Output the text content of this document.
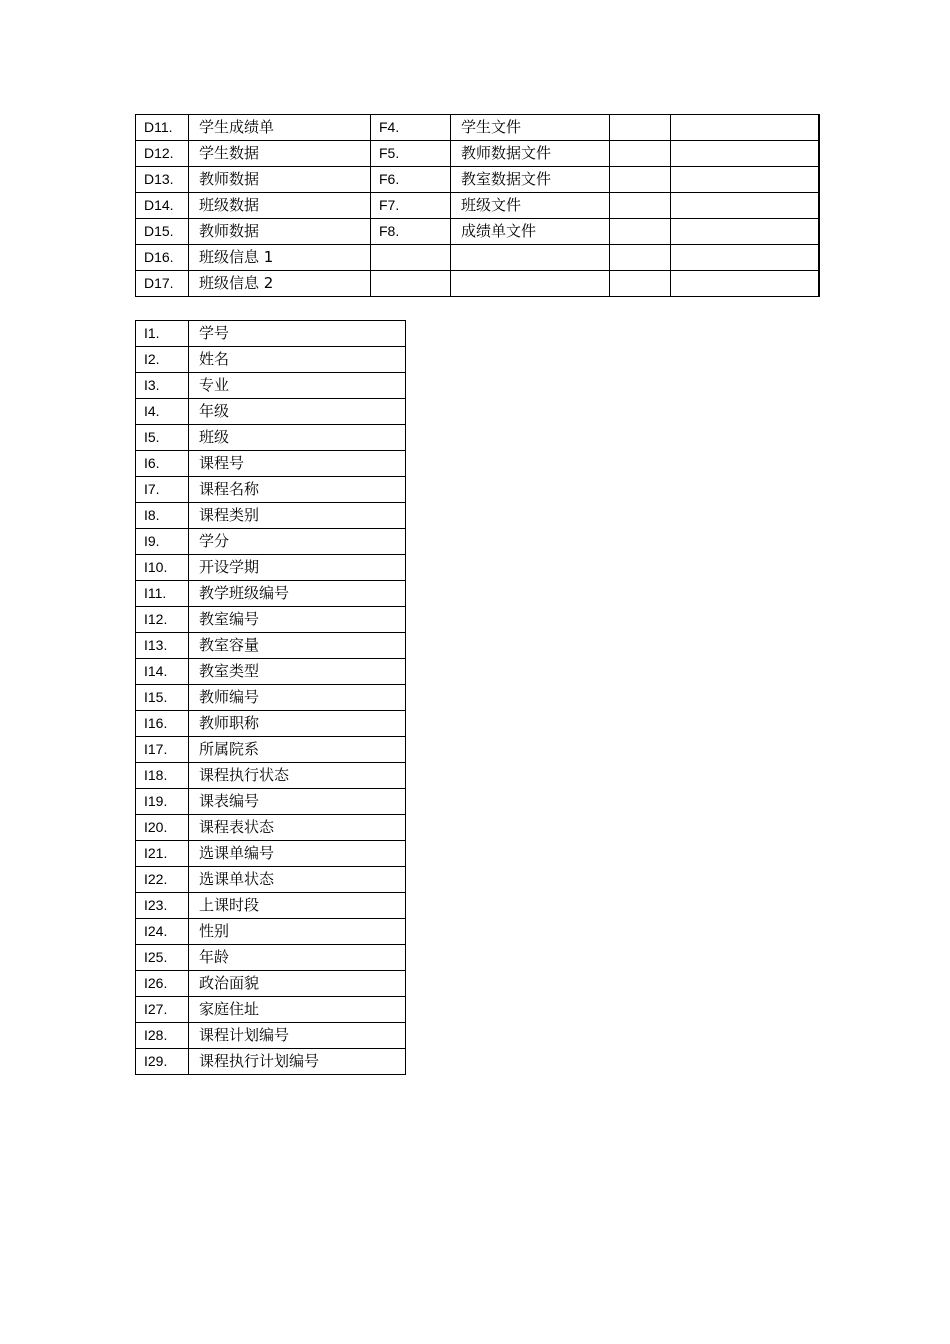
D11.	学生成绩单	F4.	学生文件		
D12.	学生数据	F5.	教师数据文件		
D13.	教师数据	F6.	教室数据文件		
D14.	班级数据	F7.	班级文件		
D15.	教师数据	F8.	成绩单文件		
D16.	班级信息 1				
D17.	班级信息 2				
I1.	学号
I2.	姓名
I3.	专业
I4.	年级
I5.	班级
I6.	课程号
I7.	课程名称
I8.	课程类别
I9.	学分
I10.	开设学期
I11.	教学班级编号
I12.	教室编号
I13.	教室容量
I14.	教室类型
I15.	教师编号
I16.	教师职称
I17.	所属院系
I18.	课程执行状态
I19.	课表编号
I20.	课程表状态
I21.	选课单编号
I22.	选课单状态
I23.	上课时段
I24.	性别
I25.	年龄
I26.	政治面貌
I27.	家庭住址
I28.	课程计划编号
I29.	课程执行计划编号
